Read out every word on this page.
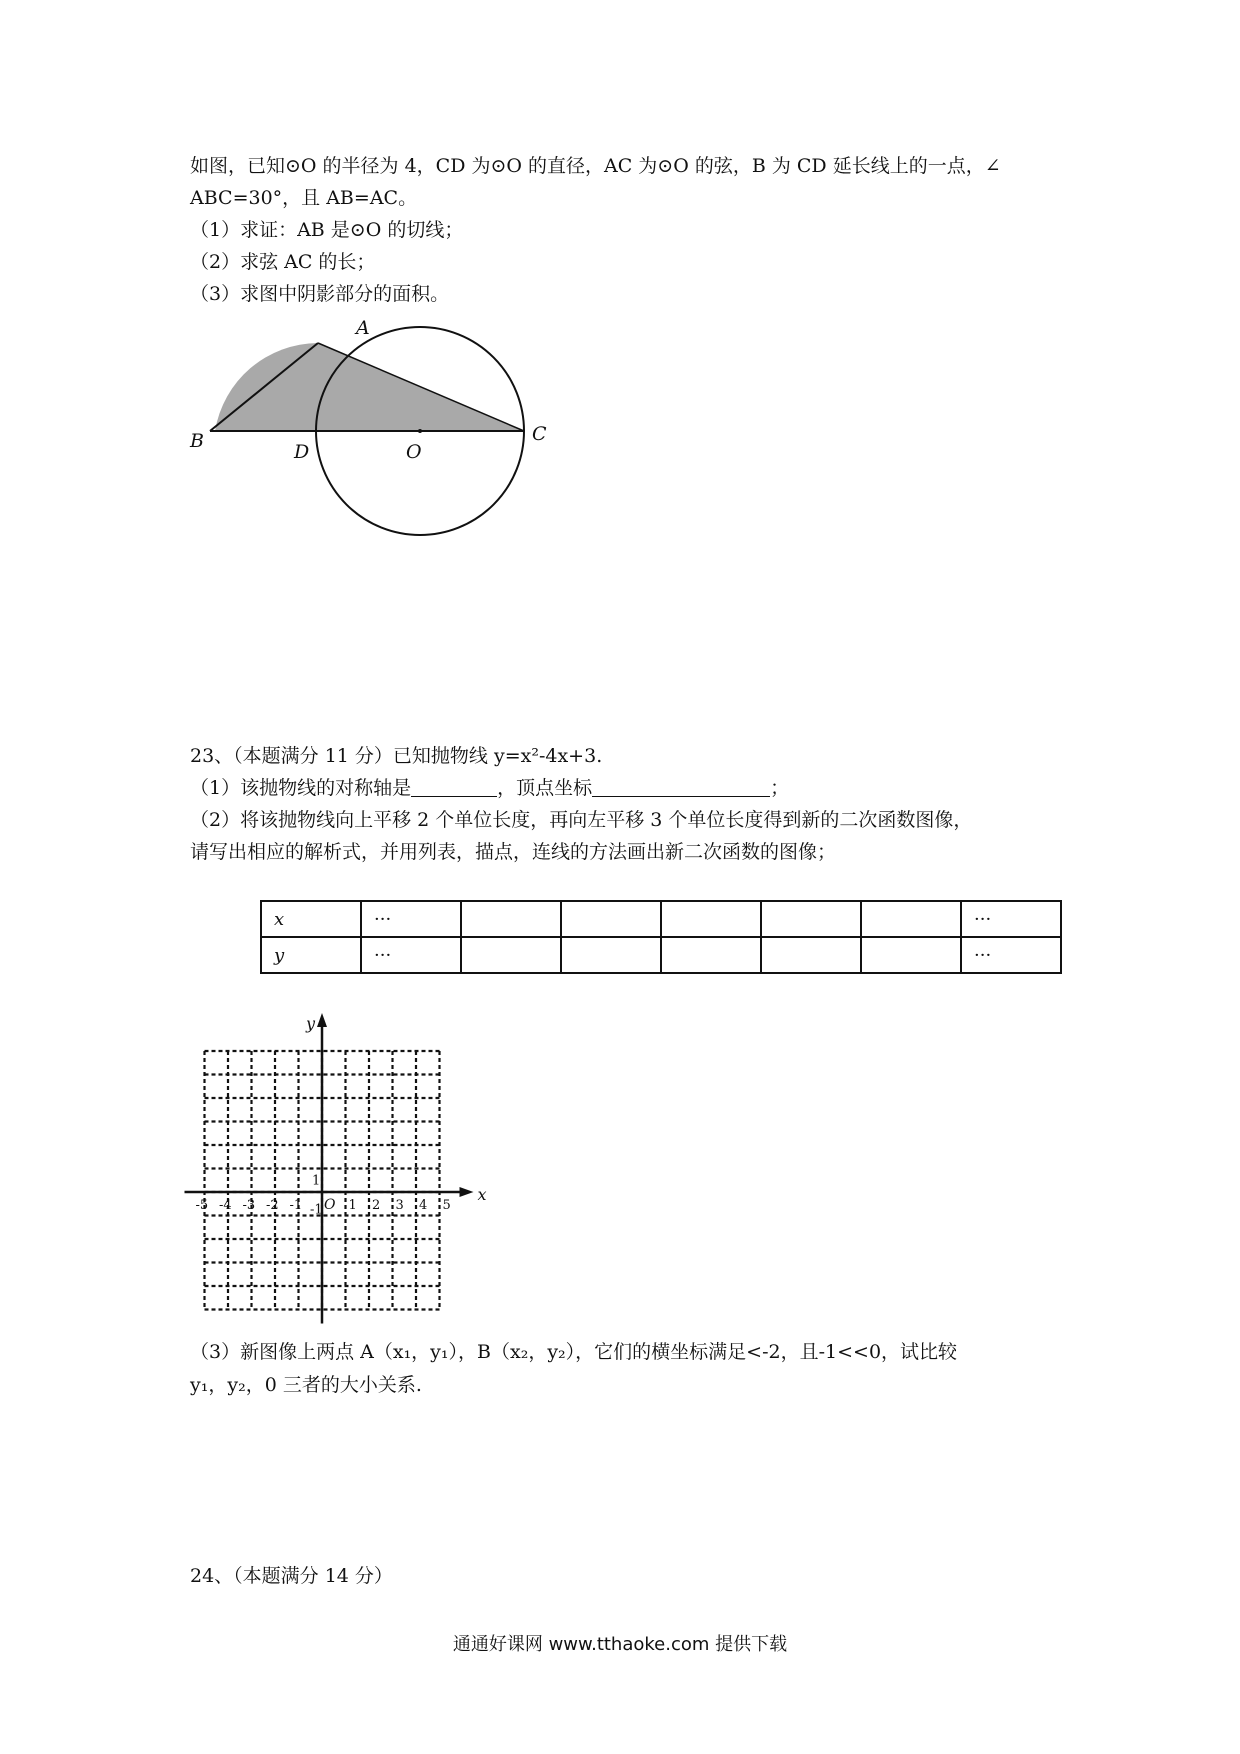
如图，已知⊙O 的半径为 4，CD 为⊙O 的直径，AC 为⊙O 的弦，B 为 CD 延长线上的一点，∠
ABC=30°，且 AB=AC。
（1）求证：AB 是⊙O 的切线；
（2）求弦 AC 的长；
（3）求图中阴影部分的面积。
A
B	C
D	O
23、（本题满分 11 分）已知抛物线 y=x²-4x+3.
（1）该抛物线的对称轴是	，顶点坐标	；
（2）将该抛物线向上平移 2 个单位长度，再向左平移 3 个单位长度得到新的二次函数图像，
请写出相应的解析式，并用列表，描点，连线的方法画出新二次函数的图像；
x	···						···
y	···						···
x
y
O
-5 -4 -3 -2 -1	1 2 3 4 5
1
-1
（3）新图像上两点 A（x₁，y₁），B（x₂，y₂），它们的横坐标满足<-2，且-1<<0，试比较
y₁，y₂，0 三者的大小关系.
24、（本题满分 14 分）
通通好课网 www.tthaoke.com 提供下载
